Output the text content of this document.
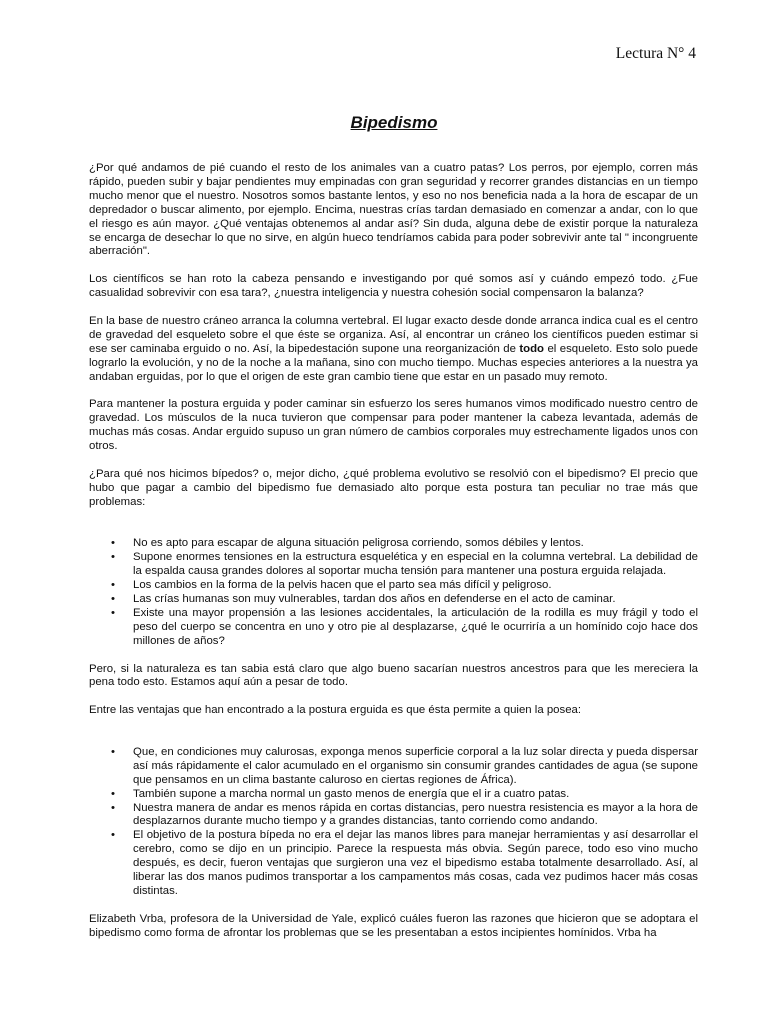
Lectura N° 4
Bipedismo

¿Por qué andamos de pié cuando el resto de los animales van a cuatro patas? Los perros, por ejemplo, corren más rápido, pueden subir y bajar pendientes muy empinadas con gran seguridad y recorrer grandes distancias en un tiempo mucho menor que el nuestro. Nosotros somos bastante lentos, y eso no nos beneficia nada a la hora de escapar de un depredador o buscar alimento, por ejemplo. Encima, nuestras crías tardan demasiado en comenzar a andar, con lo que el riesgo es aún mayor. ¿Qué ventajas obtenemos al andar así? Sin duda, alguna debe de existir porque la naturaleza se encarga de desechar lo que no sirve, en algún hueco tendríamos cabida para poder sobrevivir ante tal " incongruente aberración".

Los científicos se han roto la cabeza pensando e investigando por qué somos así y cuándo empezó todo. ¿Fue casualidad sobrevivir con esa tara?, ¿nuestra inteligencia y nuestra cohesión social compensaron la balanza?

En la base de nuestro cráneo arranca la columna vertebral. El lugar exacto desde donde arranca indica cual es el centro de gravedad del esqueleto sobre el que éste se organiza. Así, al encontrar un cráneo los científicos pueden estimar si ese ser caminaba erguido o no. Así, la bipedestación supone una reorganización de todo el esqueleto. Esto solo puede lograrlo la evolución, y no de la noche a la mañana, sino con mucho tiempo. Muchas especies anteriores a la nuestra ya andaban erguidas, por lo que el origen de este gran cambio tiene que estar en un pasado muy remoto.

Para mantener la postura erguida y poder caminar sin esfuerzo los seres humanos vimos modificado nuestro centro de gravedad. Los músculos de la nuca tuvieron que compensar para poder mantener la cabeza levantada, además de muchas más cosas. Andar erguido supuso un gran número de cambios corporales muy estrechamente ligados unos con otros.

¿Para qué nos hicimos bípedos? o, mejor dicho, ¿qué problema evolutivo se resolvió con el bipedismo? El precio que hubo que pagar a cambio del bipedismo fue demasiado alto porque esta postura tan peculiar no trae más que problemas:

• No es apto para escapar de alguna situación peligrosa corriendo, somos débiles y lentos.
• Supone enormes tensiones en la estructura esquelética y en especial en la columna vertebral. La debilidad de la espalda causa grandes dolores al soportar mucha tensión para mantener una postura erguida relajada.
• Los cambios en la forma de la pelvis hacen que el parto sea más difícil y peligroso.
• Las crías humanas son muy vulnerables, tardan dos años en defenderse en el acto de caminar.
• Existe una mayor propensión a las lesiones accidentales, la articulación de la rodilla es muy frágil y todo el peso del cuerpo se concentra en uno y otro pie al desplazarse, ¿qué le ocurriría a un homínido cojo hace dos millones de años?

Pero, si la naturaleza es tan sabia está claro que algo bueno sacarían nuestros ancestros para que les mereciera la pena todo esto. Estamos aquí aún a pesar de todo.

Entre las ventajas que han encontrado a la postura erguida es que ésta permite a quien la posea:

• Que, en condiciones muy calurosas, exponga menos superficie corporal a la luz solar directa y pueda dispersar así más rápidamente el calor acumulado en el organismo sin consumir grandes cantidades de agua (se supone que pensamos en un clima bastante caluroso en ciertas regiones de África).
• También supone a marcha normal un gasto menos de energía que el ir a cuatro patas.
• Nuestra manera de andar es menos rápida en cortas distancias, pero nuestra resistencia es mayor a la hora de desplazarnos durante mucho tiempo y a grandes distancias, tanto corriendo como andando.
• El objetivo de la postura bípeda no era el dejar las manos libres para manejar herramientas y así desarrollar el cerebro, como se dijo en un principio. Parece la respuesta más obvia. Según parece, todo eso vino mucho después, es decir, fueron ventajas que surgieron una vez el bipedismo estaba totalmente desarrollado. Así, al liberar las dos manos pudimos transportar a los campamentos más cosas, cada vez pudimos hacer más cosas distintas.

Elizabeth Vrba, profesora de la Universidad de Yale, explicó cuáles fueron las razones que hicieron que se adoptara el bipedismo como forma de afrontar los problemas que se les presentaban a estos incipientes homínidos. Vrba ha
